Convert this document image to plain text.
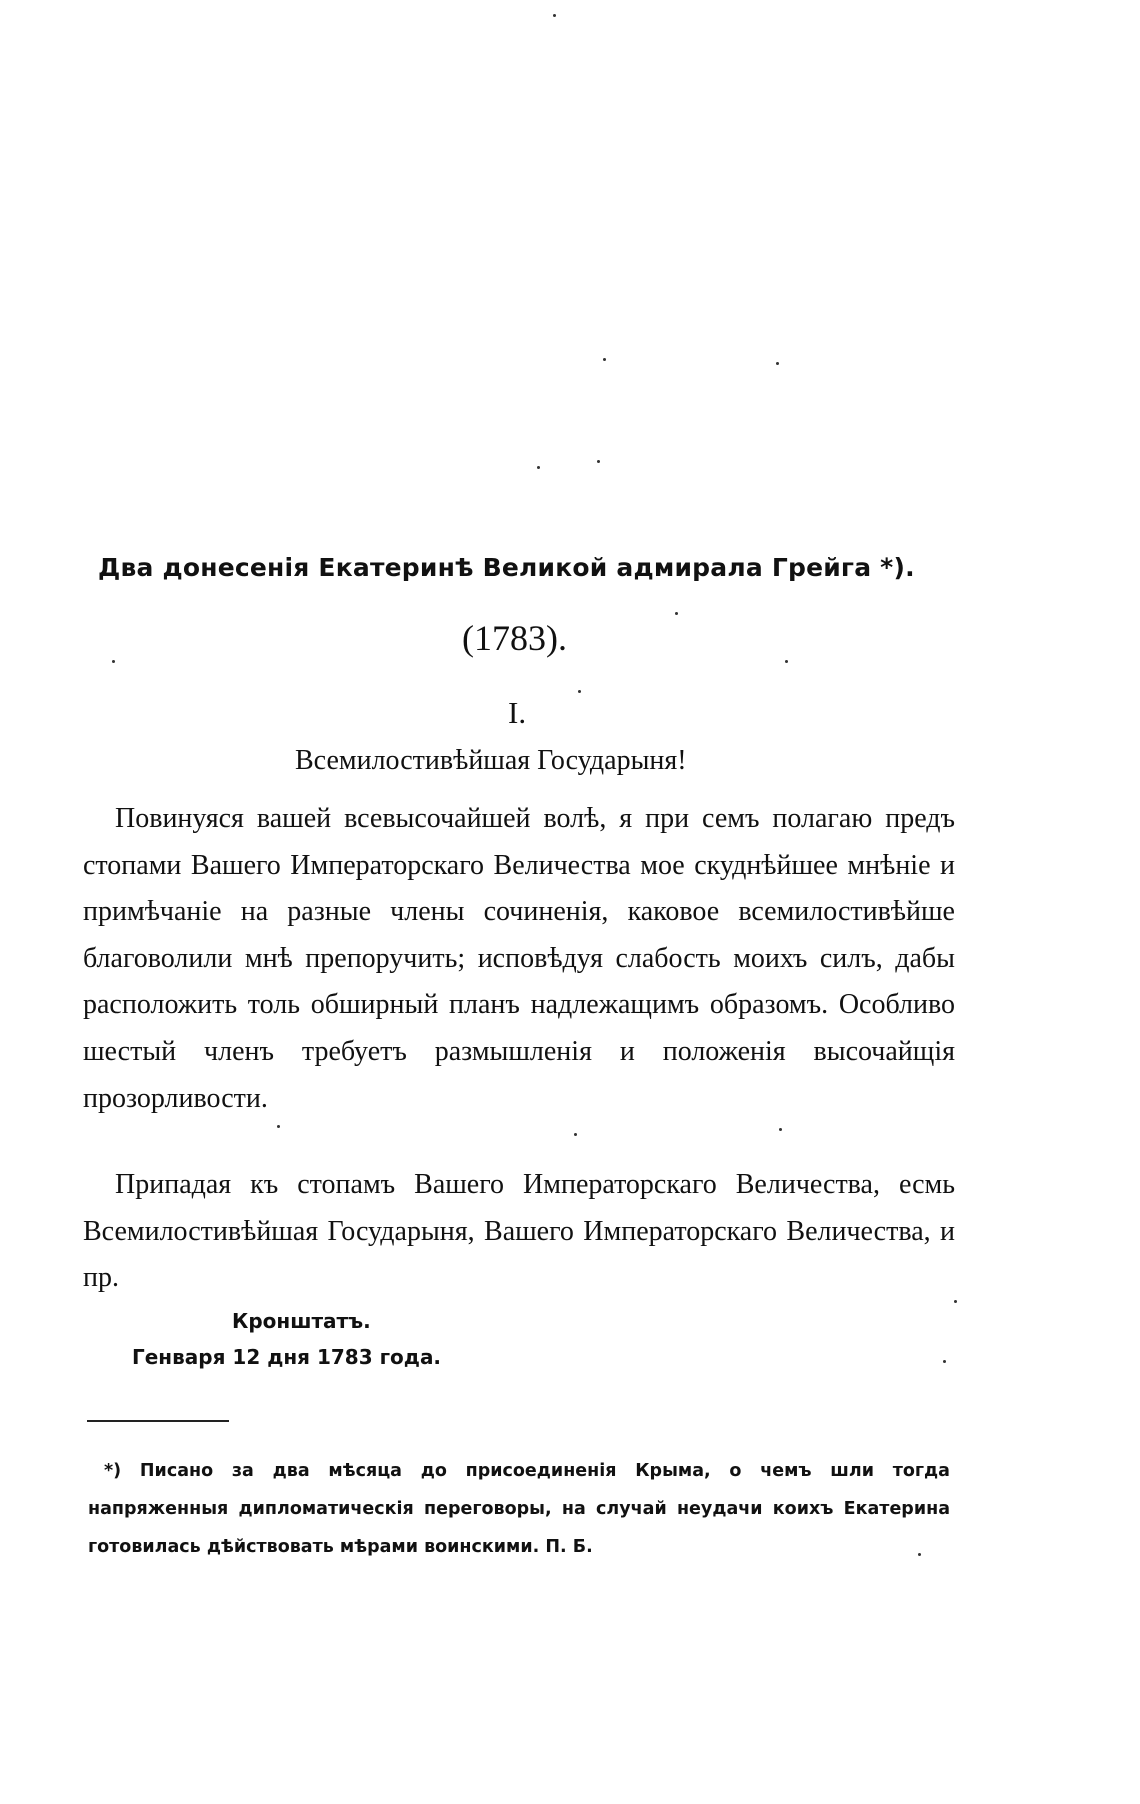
Два донесенія Екатеринѣ Великой адмирала Грейга *).
(1783).
I.
Всемилостивѣйшая Государыня!

Повинуяся вашей всевысочайшей волѣ, я при семъ полагаю предъ стопами Вашего Императорскаго Величества мое скуднѣйшее мнѣніе и примѣчаніе на разные члены сочиненія, каковое всемилостивѣйше благоволили мнѣ препоручить; исповѣдуя слабость моихъ силъ, дабы расположить толь обширный планъ надлежащимъ образомъ. Особливо шестый членъ требуетъ размышленія и положенія высочайщія прозорливости.

Припадая къ стопамъ Вашего Императорскаго Величества, есмь Всемилостивѣйшая Государыня, Вашего Императорскаго Величества, и пр.

Кронштатъ.
Генваря 12 дня 1783 года.

*) Писано за два мѣсяца до присоединенія Крыма, о чемъ шли тогда напряженныя дипломатическія переговоры, на случай неудачи коихъ Екатерина готовилась дѣйствовать мѣрами воинскими. П. Б.
